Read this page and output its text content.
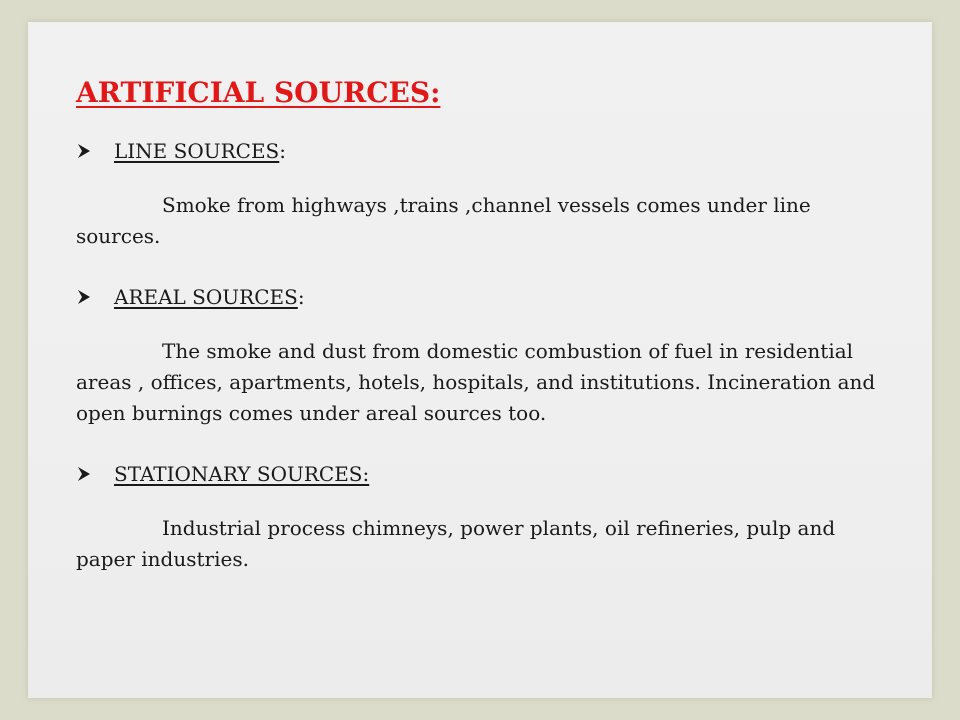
ARTIFICIAL SOURCES:
LINE SOURCES :

Smoke from highways ,trains ,channel vessels comes under line sources.

AREAL SOURCES :

The smoke and dust from domestic combustion of fuel in residential areas , offices, apartments, hotels, hospitals, and institutions. Incineration and open burnings comes under areal sources too.

STATIONARY SOURCES:

Industrial process chimneys, power plants, oil refineries, pulp and paper industries.
